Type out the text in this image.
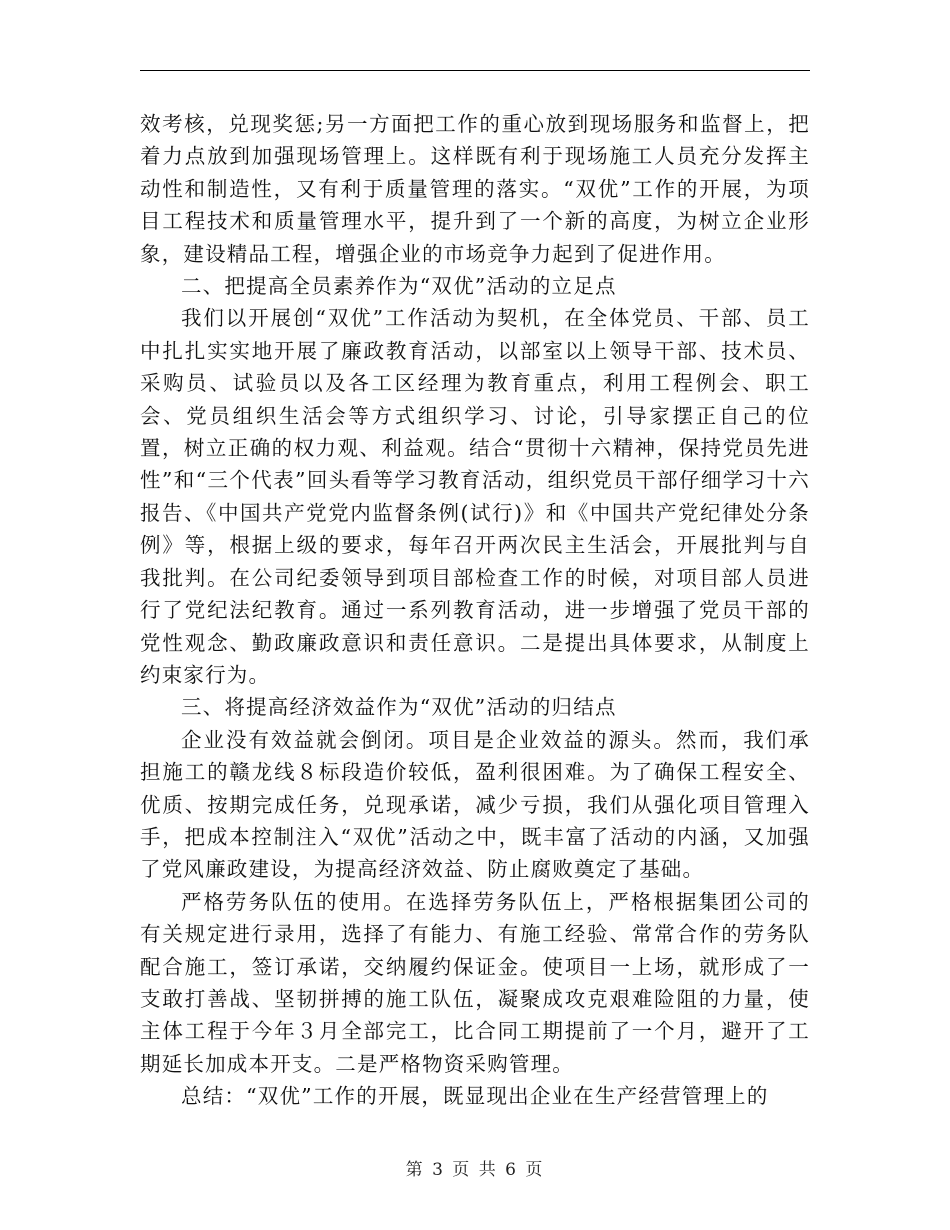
效考核，兑现奖惩;另一方面把工作的重心放到现场服务和监督上，把着力点放到加强现场管理上。这样既有利于现场施工人员充分发挥主动性和制造性，又有利于质量管理的落实。“双优”工作的开展，为项目工程技术和质量管理水平，提升到了一个新的高度，为树立企业形象，建设精品工程，增强企业的市场竞争力起到了促进作用。

二、把提高全员素养作为“双优”活动的立足点

我们以开展创“双优”工作活动为契机，在全体党员、干部、员工中扎扎实实地开展了廉政教育活动，以部室以上领导干部、技术员、采购员、试验员以及各工区经理为教育重点，利用工程例会、职工会、党员组织生活会等方式组织学习、讨论，引导家摆正自己的位置，树立正确的权力观、利益观。结合“贯彻十六精神，保持党员先进性”和“三个代表”回头看等学习教育活动，组织党员干部仔细学习十六报告、《中国共产党党内监督条例(试行)》和《中国共产党纪律处分条例》等，根据上级的要求，每年召开两次民主生活会，开展批判与自我批判。在公司纪委领导到项目部检查工作的时候，对项目部人员进行了党纪法纪教育。通过一系列教育活动，进一步增强了党员干部的党性观念、勤政廉政意识和责任意识。二是提出具体要求，从制度上约束家行为。

三、将提高经济效益作为“双优”活动的归结点

企业没有效益就会倒闭。项目是企业效益的源头。然而，我们承担施工的赣龙线８标段造价较低，盈利很困难。为了确保工程安全、优质、按期完成任务，兑现承诺，减少亏损，我们从强化项目管理入手，把成本控制注入“双优”活动之中，既丰富了活动的内涵，又加强了党风廉政建设，为提高经济效益、防止腐败奠定了基础。

严格劳务队伍的使用。在选择劳务队伍上，严格根据集团公司的有关规定进行录用，选择了有能力、有施工经验、常常合作的劳务队配合施工，签订承诺，交纳履约保证金。使项目一上场，就形成了一支敢打善战、坚韧拼搏的施工队伍，凝聚成攻克艰难险阻的力量，使主体工程于今年３月全部完工，比合同工期提前了一个月，避开了工期延长加成本开支。二是严格物资采购管理。

总结：“双优”工作的开展，既显现出企业在生产经营管理上的

第 3 页 共 6 页
